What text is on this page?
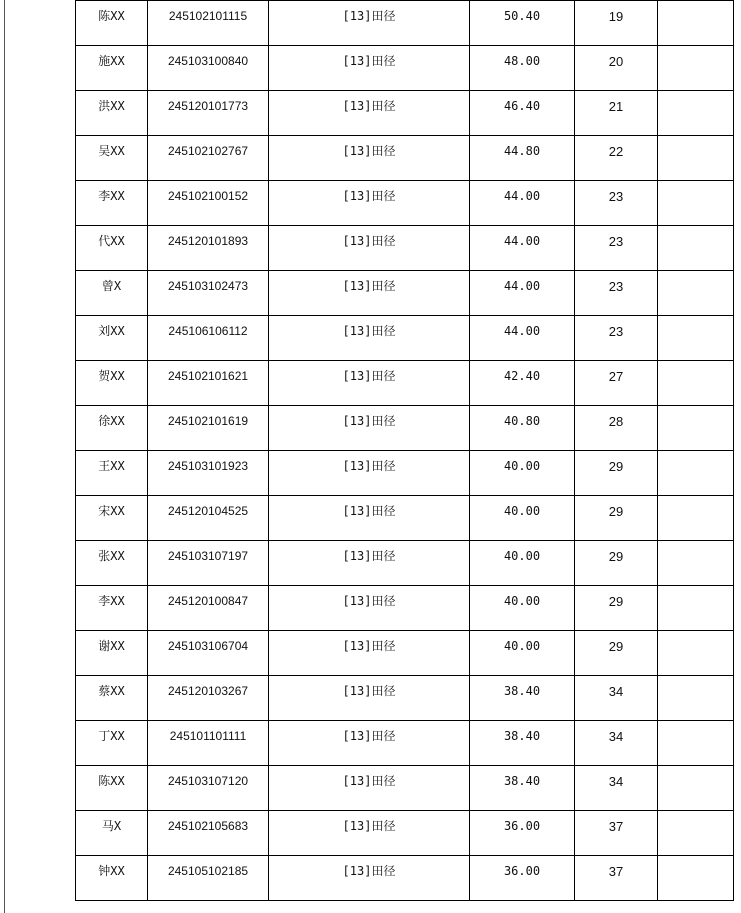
陈XX	245102101115	[13]田径	50.40	19	
施XX	245103100840	[13]田径	48.00	20	
洪XX	245120101773	[13]田径	46.40	21	
吴XX	245102102767	[13]田径	44.80	22	
李XX	245102100152	[13]田径	44.00	23	
代XX	245120101893	[13]田径	44.00	23	
曾X	245103102473	[13]田径	44.00	23	
刘XX	245106106112	[13]田径	44.00	23	
贺XX	245102101621	[13]田径	42.40	27	
徐XX	245102101619	[13]田径	40.80	28	
王XX	245103101923	[13]田径	40.00	29	
宋XX	245120104525	[13]田径	40.00	29	
张XX	245103107197	[13]田径	40.00	29	
李XX	245120100847	[13]田径	40.00	29	
谢XX	245103106704	[13]田径	40.00	29	
蔡XX	245120103267	[13]田径	38.40	34	
丁XX	245101101111	[13]田径	38.40	34	
陈XX	245103107120	[13]田径	38.40	34	
马X	245102105683	[13]田径	36.00	37	
钟XX	245105102185	[13]田径	36.00	37	
